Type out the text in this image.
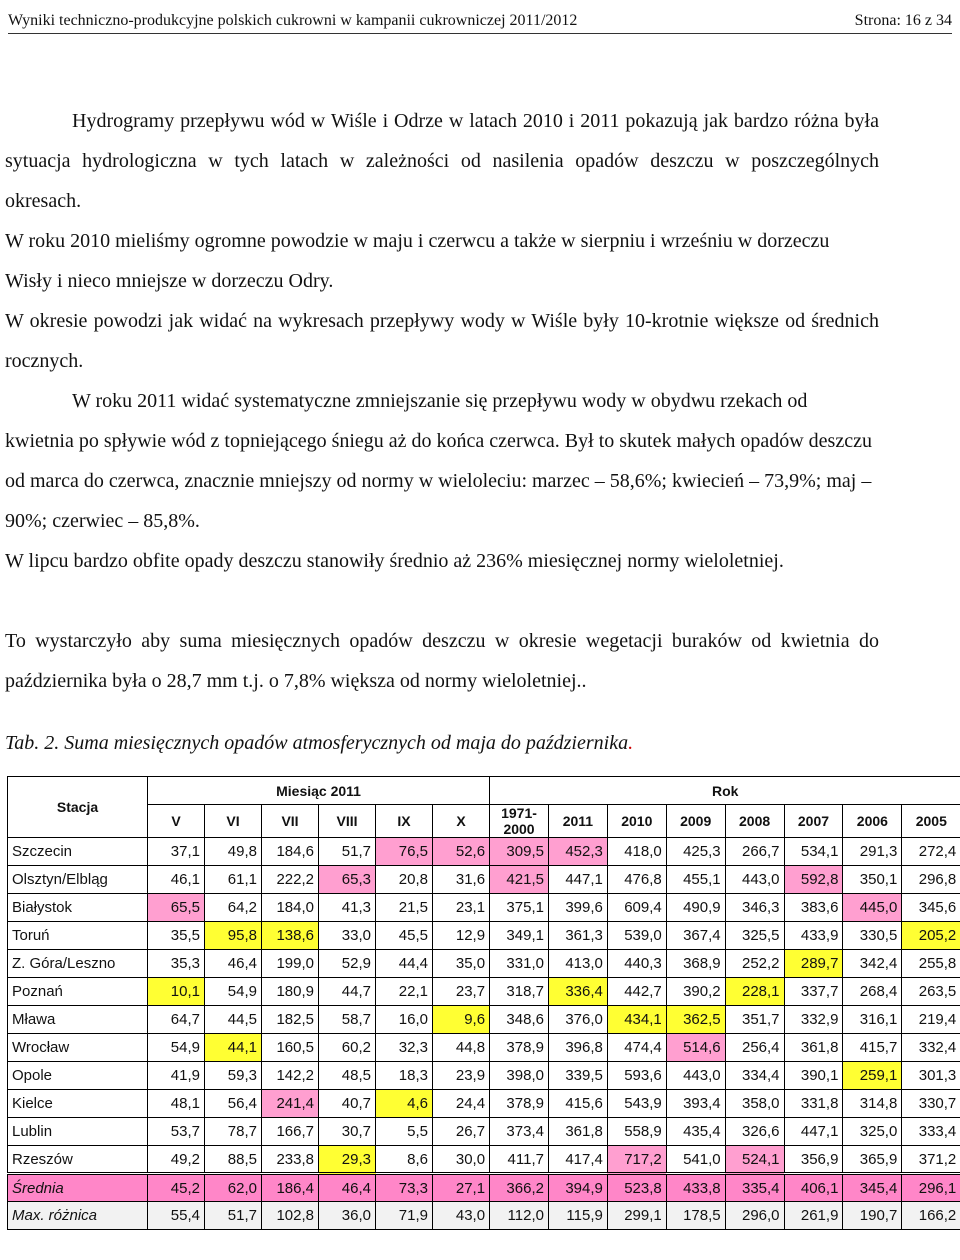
Wyniki techniczno-produkcyjne polskich cukrowni w kampanii cukrowniczej 2011/2012	Strona: 16 z 34
Hydrogramy przepływu wód w Wiśle i Odrze w latach 2010 i 2011 pokazują jak bardzo różna była sytuacja hydrologiczna w tych latach w zależności od nasilenia opadów deszczu w poszczególnych okresach.
W roku 2010 mieliśmy ogromne powodzie w maju i czerwcu a także w sierpniu i wrześniu w dorzeczu Wisły i nieco mniejsze w dorzeczu Odry.
W okresie powodzi jak widać na wykresach przepływy wody w Wiśle były 10-krotnie większe od średnich rocznych.
W roku 2011 widać systematyczne zmniejszanie się przepływu wody w obydwu rzekach od kwietnia po spływie wód z topniejącego śniegu aż do końca czerwca. Był to skutek małych opadów deszczu od marca do czerwca, znacznie mniejszy od normy w wieloleciu: marzec – 58,6%; kwiecień – 73,9%; maj – 90%; czerwiec – 85,8%.
W lipcu bardzo obfite opady deszczu stanowiły średnio aż 236% miesięcznej normy wieloletniej.
To wystarczyło aby suma miesięcznych opadów deszczu w okresie wegetacji buraków od kwietnia do października była o 28,7 mm t.j. o 7,8% większa od normy wieloletniej..
Tab. 2. Suma miesięcznych opadów atmosferycznych od maja do października.
Stacja	Miesiąc 2011						Rok							
	V	VI	VII	VIII	IX	X	1971-
2000	2011	2010	2009	2008	2007	2006	2005
Szczecin	37,1	49,8	184,6	51,7	76,5	52,6	309,5	452,3	418,0	425,3	266,7	534,1	291,3	272,4
Olsztyn/Elbląg	46,1	61,1	222,2	65,3	20,8	31,6	421,5	447,1	476,8	455,1	443,0	592,8	350,1	296,8
Białystok	65,5	64,2	184,0	41,3	21,5	23,1	375,1	399,6	609,4	490,9	346,3	383,6	445,0	345,6
Toruń	35,5	95,8	138,6	33,0	45,5	12,9	349,1	361,3	539,0	367,4	325,5	433,9	330,5	205,2
Z. Góra/Leszno	35,3	46,4	199,0	52,9	44,4	35,0	331,0	413,0	440,3	368,9	252,2	289,7	342,4	255,8
Poznań	10,1	54,9	180,9	44,7	22,1	23,7	318,7	336,4	442,7	390,2	228,1	337,7	268,4	263,5
Mława	64,7	44,5	182,5	58,7	16,0	9,6	348,6	376,0	434,1	362,5	351,7	332,9	316,1	219,4
Wrocław	54,9	44,1	160,5	60,2	32,3	44,8	378,9	396,8	474,4	514,6	256,4	361,8	415,7	332,4
Opole	41,9	59,3	142,2	48,5	18,3	23,9	398,0	339,5	593,6	443,0	334,4	390,1	259,1	301,3
Kielce	48,1	56,4	241,4	40,7	4,6	24,4	378,9	415,6	543,9	393,4	358,0	331,8	314,8	330,7
Lublin	53,7	78,7	166,7	30,7	5,5	26,7	373,4	361,8	558,9	435,4	326,6	447,1	325,0	333,4
Rzeszów	49,2	88,5	233,8	29,3	8,6	30,0	411,7	417,4	717,2	541,0	524,1	356,9	365,9	371,2
Średnia	45,2	62,0	186,4	46,4	73,3	27,1	366,2	394,9	523,8	433,8	335,4	406,1	345,4	296,1
Max. różnica	55,4	51,7	102,8	36,0	71,9	43,0	112,0	115,9	299,1	178,5	296,0	261,9	190,7	166,2
